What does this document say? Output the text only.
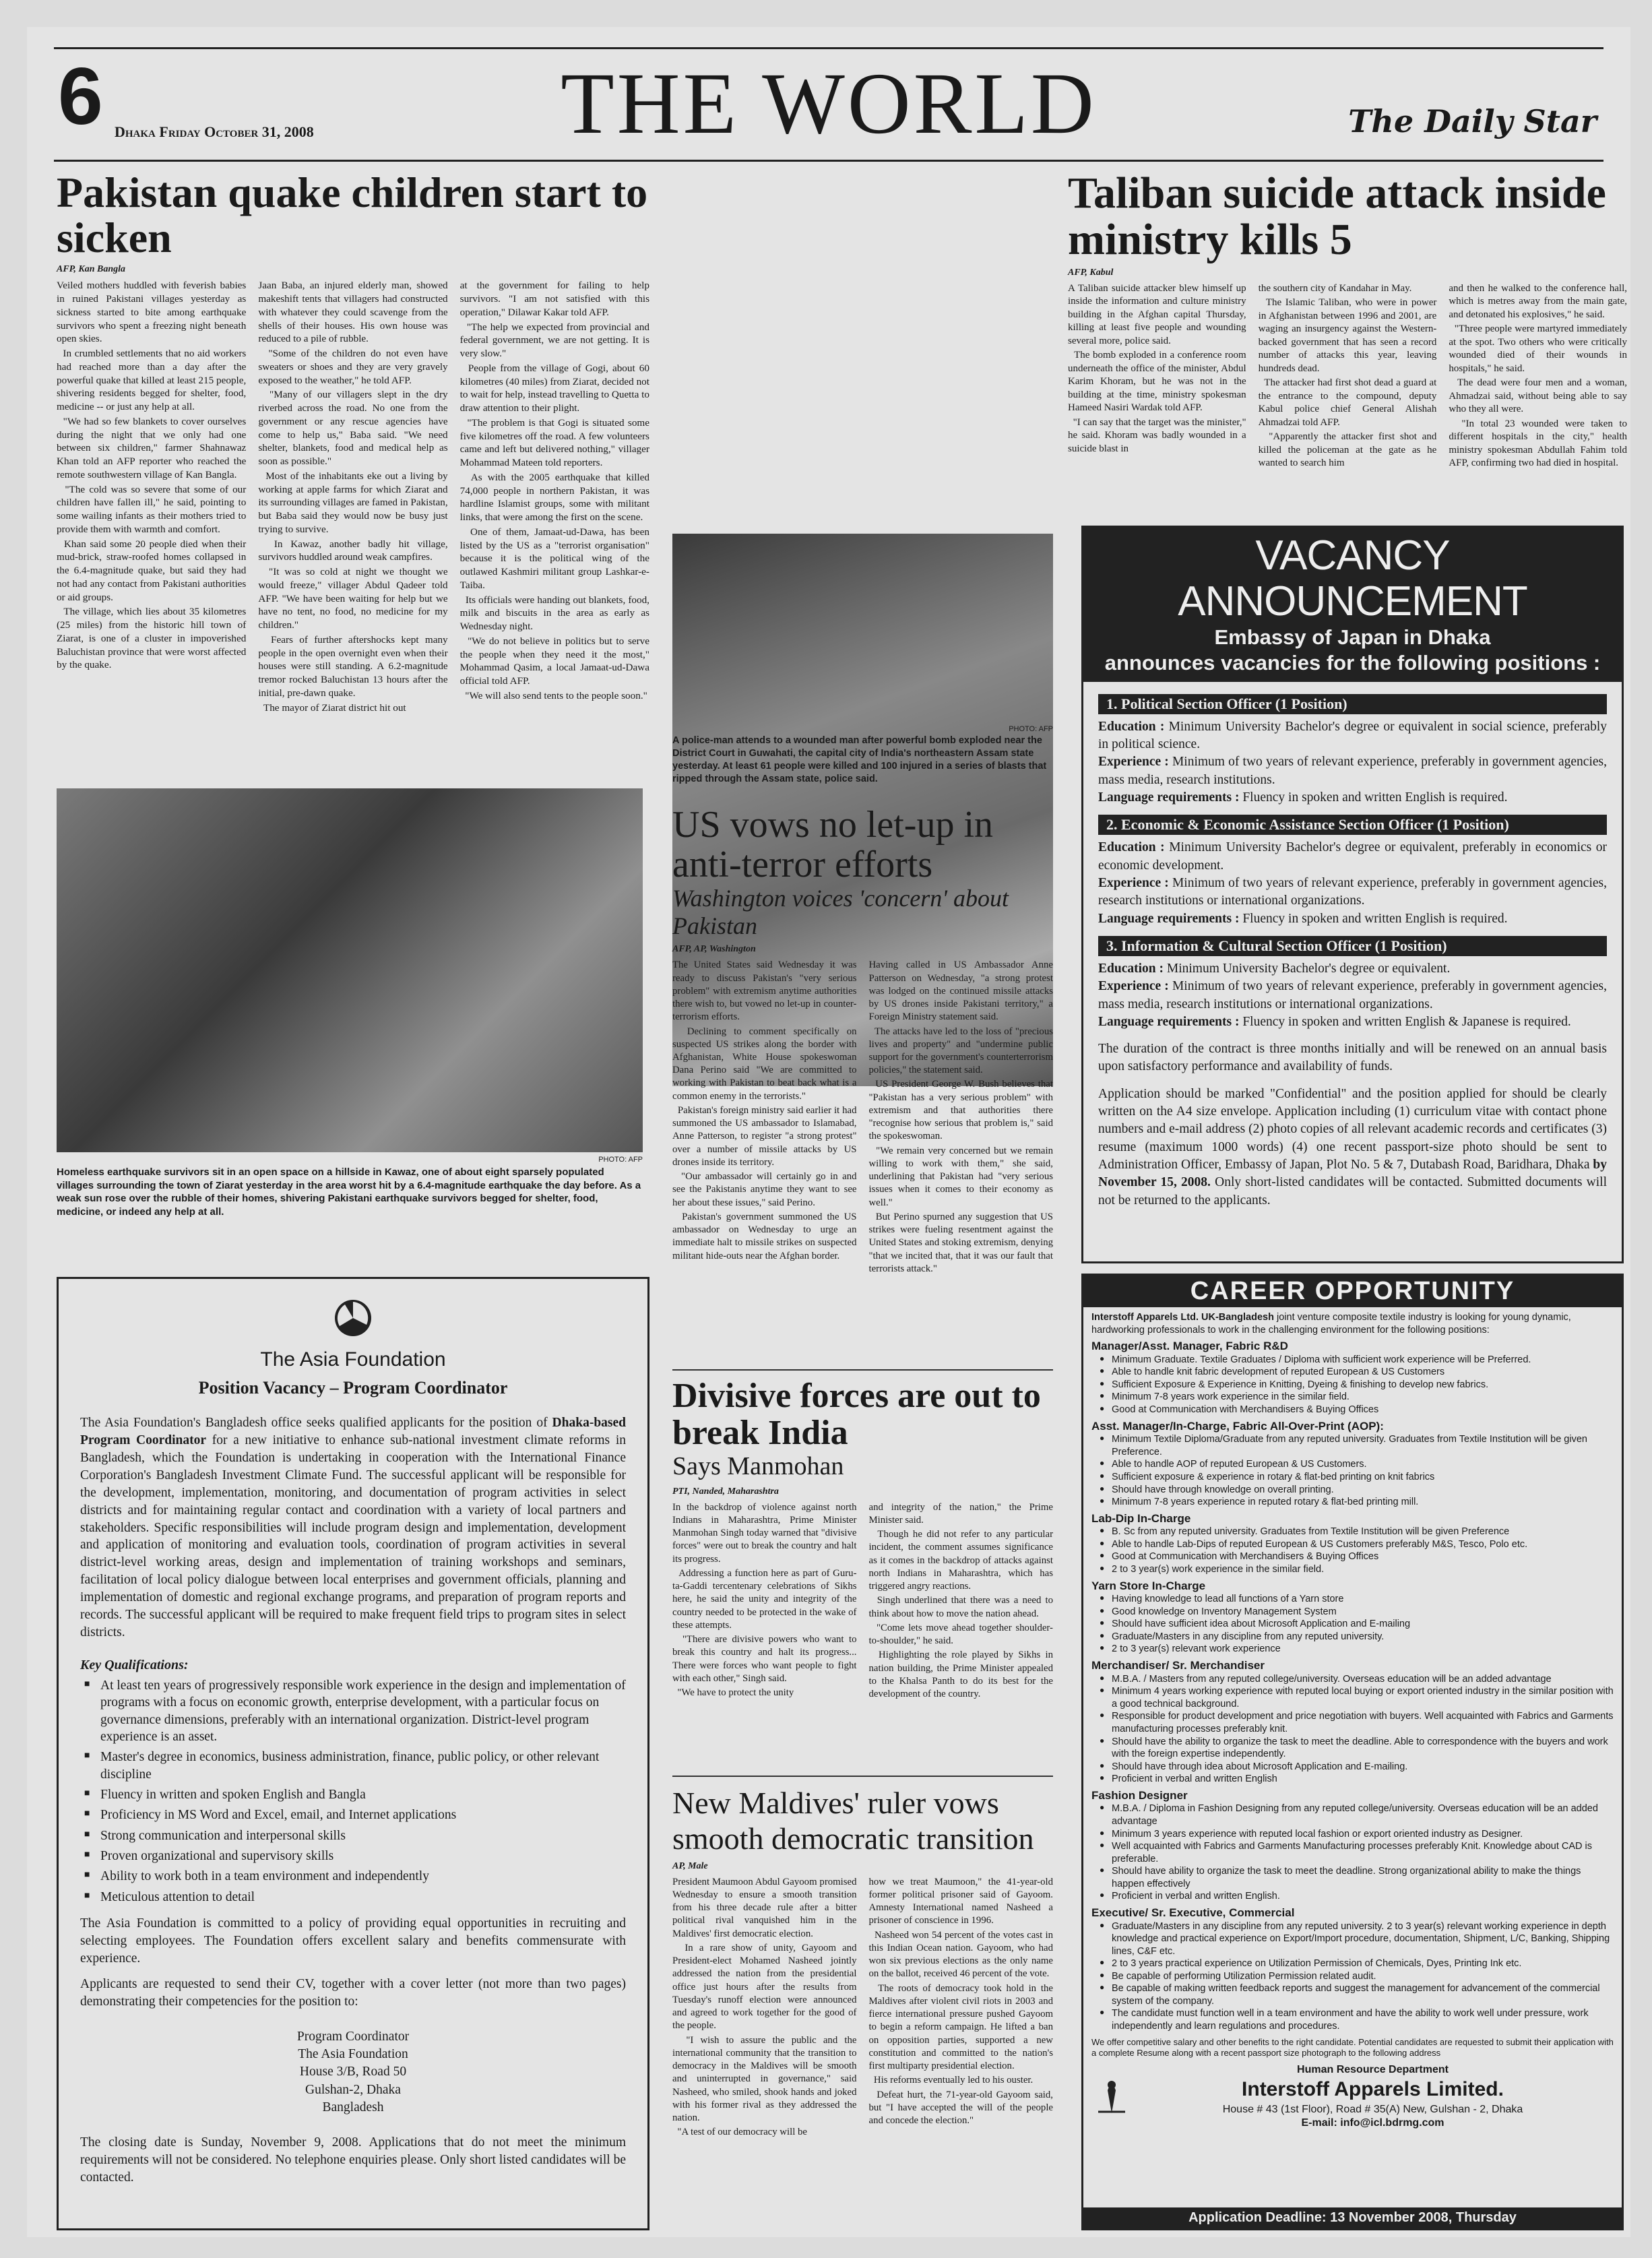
6 Dhaka Friday October 31, 2008	THE WORLD	The Daily Star
Pakistan quake children start to sicken
AFP, Kan Bangla

Veiled mothers huddled with feverish babies in ruined Pakistani villages yesterday as sickness started to bite among earthquake survivors who spent a freezing night beneath open skies.

In crumbled settlements that no aid workers had reached more than a day after the powerful quake that killed at least 215 people, shivering residents begged for shelter, food, medicine -- or just any help at all.

"We had so few blankets to cover ourselves during the night that we only had one between six children," farmer Shahnawaz Khan told an AFP reporter who reached the remote southwestern village of Kan Bangla.

"The cold was so severe that some of our children have fallen ill," he said, pointing to some wailing infants as their mothers tried to provide them with warmth and comfort.

Khan said some 20 people died when their mud-brick, straw-roofed homes collapsed in the 6.4-magnitude quake, but said they had not had any contact from Pakistani authorities or aid groups.

The village, which lies about 35 kilometres (25 miles) from the historic hill town of Ziarat, is one of a cluster in impoverished Baluchistan province that were worst affected by the quake.

Jaan Baba, an injured elderly man, showed makeshift tents that villagers had constructed with whatever they could scavenge from the shells of their houses. His own house was reduced to a pile of rubble.

"Some of the children do not even have sweaters or shoes and they are very gravely exposed to the weather," he told AFP.

"Many of our villagers slept in the dry riverbed across the road. No one from the government or any rescue agencies have come to help us," Baba said. "We need shelter, blankets, food and medical help as soon as possible."

Most of the inhabitants eke out a living by working at apple farms for which Ziarat and its surrounding villages are famed in Pakistan, but Baba said they would now be busy just trying to survive.

In Kawaz, another badly hit village, survivors huddled around weak campfires.

"It was so cold at night we thought we would freeze," villager Abdul Qadeer told AFP. "We have been waiting for help but we have no tent, no food, no medicine for my children."

Fears of further aftershocks kept many people in the open overnight even when their houses were still standing. A 6.2-magnitude tremor rocked Baluchistan 13 hours after the initial, pre-dawn quake.

The mayor of Ziarat district hit out

at the government for failing to help survivors. "I am not satisfied with this operation," Dilawar Kakar told AFP.

"The help we expected from provincial and federal government, we are not getting. It is very slow."

People from the village of Gogi, about 60 kilometres (40 miles) from Ziarat, decided not to wait for help, instead travelling to Quetta to draw attention to their plight.

"The problem is that Gogi is situated some five kilometres off the road. A few volunteers came and left but delivered nothing," villager Mohammad Mateen told reporters.

As with the 2005 earthquake that killed 74,000 people in northern Pakistan, it was hardline Islamist groups, some with militant links, that were among the first on the scene.

One of them, Jamaat-ud-Dawa, has been listed by the US as a "terrorist organisation" because it is the political wing of the outlawed Kashmiri militant group Lashkar-e-Taiba.

Its officials were handing out blankets, food, milk and biscuits in the area as early as Wednesday night.

"We do not believe in politics but to serve the people when they need it the most," Mohammad Qasim, a local Jamaat-ud-Dawa official told AFP.

"We will also send tents to the people soon."

PHOTO: AFP
Homeless earthquake survivors sit in an open space on a hillside in Kawaz, one of about eight sparsely populated villages surrounding the town of Ziarat yesterday in the area worst hit by a 6.4-magnitude earthquake the day before. As a weak sun rose over the rubble of their homes, shivering Pakistani earthquake survivors begged for shelter, food, medicine, or indeed any help at all.
The Asia Foundation
Position Vacancy – Program Coordinator
The Asia Foundation's Bangladesh office seeks qualified applicants for the position of Dhaka-based Program Coordinator for a new initiative to enhance sub-national investment climate reforms in Bangladesh, which the Foundation is undertaking in cooperation with the International Finance Corporation's Bangladesh Investment Climate Fund. The successful applicant will be responsible for the development, implementation, monitoring, and documentation of program activities in select districts and for maintaining regular contact and coordination with a variety of local partners and stakeholders. Specific responsibilities will include program design and implementation, development and application of monitoring and evaluation tools, coordination of program activities in several district-level working areas, design and implementation of training workshops and seminars, facilitation of local policy dialogue between local enterprises and government officials, planning and implementation of domestic and regional exchange programs, and preparation of program reports and records. The successful applicant will be required to make frequent field trips to program sites in select districts.
Key Qualifications:
■ At least ten years of progressively responsible work experience in the design and implementation of programs with a focus on economic growth, enterprise development, with a particular focus on governance dimensions, preferably with an international organization. District-level program experience is an asset.
■ Master's degree in economics, business administration, finance, public policy, or other relevant discipline
■ Fluency in written and spoken English and Bangla
■ Proficiency in MS Word and Excel, email, and Internet applications
■ Strong communication and interpersonal skills
■ Proven organizational and supervisory skills
■ Ability to work both in a team environment and independently
■ Meticulous attention to detail
The Asia Foundation is committed to a policy of providing equal opportunities in recruiting and selecting employees. The Foundation offers excellent salary and benefits commensurate with experience.
Applicants are requested to send their CV, together with a cover letter (not more than two pages) demonstrating their competencies for the position to:
Program Coordinator
The Asia Foundation
House 3/B, Road 50
Gulshan-2, Dhaka
Bangladesh
The closing date is Sunday, November 9, 2008. Applications that do not meet the minimum requirements will not be considered. No telephone enquiries please. Only short listed candidates will be contacted.
PHOTO: AFP
A police-man attends to a wounded man after powerful bomb exploded near the District Court in Guwahati, the capital city of India's northeastern Assam state yesterday. At least 61 people were killed and 100 injured in a series of blasts that ripped through the Assam state, police said.
US vows no let-up in anti-terror efforts
Washington voices 'concern' about Pakistan
AFP, AP, Washington

The United States said Wednesday it was ready to discuss Pakistan's "very serious problem" with extremism anytime authorities there wish to, but vowed no let-up in counter-terrorism efforts.

Declining to comment specifically on suspected US strikes along the border with Afghanistan, White House spokeswoman Dana Perino said "We are committed to working with Pakistan to beat back what is a common enemy in the terrorists."

Pakistan's foreign ministry said earlier it had summoned the US ambassador to Islamabad, Anne Patterson, to register "a strong protest" over a number of missile attacks by US drones inside its territory.

"Our ambassador will certainly go in and see the Pakistanis anytime they want to see her about these issues," said Perino.

Pakistan's government summoned the US ambassador on Wednesday to urge an immediate halt to missile strikes on suspected militant hide-outs near the Afghan border.

Having called in US Ambassador Anne Patterson on Wednesday, "a strong protest was lodged on the continued missile attacks by US drones inside Pakistani territory," a Foreign Ministry statement said.

The attacks have led to the loss of "precious lives and property" and "undermine public support for the government's counterterrorism policies," the statement said.

US President George W. Bush believes that "Pakistan has a very serious problem" with extremism and that authorities there "recognise how serious that problem is," said the spokeswoman.

"We remain very concerned but we remain willing to work with them," she said, underlining that Pakistan had "very serious issues when it comes to their economy as well."

But Perino spurned any suggestion that US strikes were fueling resentment against the United States and stoking extremism, denying "that we incited that, that it was our fault that terrorists attack."

Divisive forces are out to break India
Says Manmohan
PTI, Nanded, Maharashtra

In the backdrop of violence against north Indians in Maharashtra, Prime Minister Manmohan Singh today warned that "divisive forces" were out to break the country and halt its progress.

Addressing a function here as part of Guru-ta-Gaddi tercentenary celebrations of Sikhs here, he said the unity and integrity of the country needed to be protected in the wake of these attempts.

"There are divisive powers who want to break this country and halt its progress... There were forces who want people to fight with each other," Singh said.

"We have to protect the unity

and integrity of the nation," the Prime Minister said.

Though he did not refer to any particular incident, the comment assumes significance as it comes in the backdrop of attacks against north Indians in Maharashtra, which has triggered angry reactions.

Singh underlined that there was a need to think about how to move the nation ahead.

"Come lets move ahead together shoulder-to-shoulder," he said.

Highlighting the role played by Sikhs in nation building, the Prime Minister appealed to the Khalsa Panth to do its best for the development of the country.

New Maldives' ruler vows smooth democratic transition
AP, Male

President Maumoon Abdul Gayoom promised Wednesday to ensure a smooth transition from his three decade rule after a bitter political rival vanquished him in the Maldives' first democratic election.

In a rare show of unity, Gayoom and President-elect Mohamed Nasheed jointly addressed the nation from the presidential office just hours after the results from Tuesday's runoff election were announced and agreed to work together for the good of the people.

"I wish to assure the public and the international community that the transition to democracy in the Maldives will be smooth and uninterrupted in governance," said Nasheed, who smiled, shook hands and joked with his former rival as they addressed the nation.

"A test of our democracy will be

how we treat Maumoon," the 41-year-old former political prisoner said of Gayoom. Amnesty International named Nasheed a prisoner of conscience in 1996.

Nasheed won 54 percent of the votes cast in this Indian Ocean nation. Gayoom, who had won six previous elections as the only name on the ballot, received 46 percent of the vote.

The roots of democracy took hold in the Maldives after violent civil riots in 2003 and fierce international pressure pushed Gayoom to begin a reform campaign. He lifted a ban on opposition parties, supported a new constitution and committed to the nation's first multiparty presidential election.

His reforms eventually led to his ouster.

Defeat hurt, the 71-year-old Gayoom said, but "I have accepted the will of the people and concede the election."

Taliban suicide attack inside ministry kills 5
AFP, Kabul

A Taliban suicide attacker blew himself up inside the information and culture ministry building in the Afghan capital Thursday, killing at least five people and wounding several more, police said.

The bomb exploded in a conference room underneath the office of the minister, Abdul Karim Khoram, but he was not in the building at the time, ministry spokesman Hameed Nasiri Wardak told AFP.

"I can say that the target was the minister," he said. Khoram was badly wounded in a suicide blast in

the southern city of Kandahar in May.

The Islamic Taliban, who were in power in Afghanistan between 1996 and 2001, are waging an insurgency against the Western-backed government that has seen a record number of attacks this year, leaving hundreds dead.

The attacker had first shot dead a guard at the entrance to the compound, deputy Kabul police chief General Alishah Ahmadzai told AFP.

"Apparently the attacker first shot and killed the policeman at the gate as he wanted to search him

and then he walked to the conference hall, which is metres away from the main gate, and detonated his explosives," he said.

"Three people were martyred immediately at the spot. Two others who were critically wounded died of their wounds in hospitals," he said.

The dead were four men and a woman, Ahmadzai said, without being able to say who they all were.

"In total 23 wounded were taken to different hospitals in the city," health ministry spokesman Abdullah Fahim told AFP, confirming two had died in hospital.

VACANCY ANNOUNCEMENT
Embassy of Japan in Dhaka
announces vacancies for the following positions :
1. Political Section Officer (1 Position)
Education : Minimum University Bachelor's degree or equivalent in social science, preferably in political science.
Experience : Minimum of two years of relevant experience, preferably in government agencies, mass media, research institutions.
Language requirements : Fluency in spoken and written English is required.
2. Economic & Economic Assistance Section Officer (1 Position)
Education : Minimum University Bachelor's degree or equivalent, preferably in economics or economic development.
Experience : Minimum of two years of relevant experience, preferably in government agencies, research institutions or international organizations.
Language requirements : Fluency in spoken and written English is required.
3. Information & Cultural Section Officer (1 Position)
Education : Minimum University Bachelor's degree or equivalent.
Experience : Minimum of two years of relevant experience, preferably in government agencies, mass media, research institutions or international organizations.
Language requirements : Fluency in spoken and written English & Japanese is required.
The duration of the contract is three months initially and will be renewed on an annual basis upon satisfactory performance and availability of funds.
Application should be marked "Confidential" and the position applied for should be clearly written on the A4 size envelope. Application including (1) curriculum vitae with contact phone numbers and e-mail address (2) photo copies of all relevant academic records and certificates (3) resume (maximum 1000 words) (4) one recent passport-size photo should be sent to Administration Officer, Embassy of Japan, Plot No. 5 & 7, Dutabash Road, Baridhara, Dhaka by November 15, 2008. Only short-listed candidates will be contacted. Submitted documents will not be returned to the applicants.
CAREER OPPORTUNITY
Interstoff Apparels Ltd. UK-Bangladesh joint venture composite textile industry is looking for young dynamic, hardworking professionals to work in the challenging environment for the following positions:
Manager/Asst. Manager, Fabric R&D
● Minimum Graduate. Textile Graduates / Diploma with sufficient work experience will be Preferred.
● Able to handle knit fabric development of reputed European & US Customers
● Sufficient Exposure & Experience in Knitting, Dyeing & finishing to develop new fabrics.
● Minimum 7-8 years work experience in the similar field.
● Good at Communication with Merchandisers & Buying Offices
Asst. Manager/In-Charge, Fabric All-Over-Print (AOP):
● Minimum Textile Diploma/Graduate from any reputed university. Graduates from Textile Institution will be given Preference.
● Able to handle AOP of reputed European & US Customers.
● Sufficient exposure & experience in rotary & flat-bed printing on knit fabrics
● Should have through knowledge on overall printing.
● Minimum 7-8 years experience in reputed rotary & flat-bed printing mill.
Lab-Dip In-Charge
● B. Sc from any reputed university. Graduates from Textile Institution will be given Preference
● Able to handle Lab-Dips of reputed European & US Customers preferably M&S, Tesco, Polo etc.
● Good at Communication with Merchandisers & Buying Offices
● 2 to 3 year(s) work experience in the similar field.
Yarn Store In-Charge
● Having knowledge to lead all functions of a Yarn store
● Good knowledge on Inventory Management System
● Should have sufficient idea about Microsoft Application and E-mailing
● Graduate/Masters in any discipline from any reputed university.
● 2 to 3 year(s) relevant work experience
Merchandiser/ Sr. Merchandiser
● M.B.A. / Masters from any reputed college/university. Overseas education will be an added advantage
● Minimum 4 years working experience with reputed local buying or export oriented industry in the similar position with a good technical background.
● Responsible for product development and price negotiation with buyers. Well acquainted with Fabrics and Garments manufacturing processes preferably knit.
● Should have the ability to organize the task to meet the deadline. Able to correspondence with the buyers and work with the foreign expertise independently.
● Should have through idea about Microsoft Application and E-mailing.
● Proficient in verbal and written English
Fashion Designer
● M.B.A. / Diploma in Fashion Designing from any reputed college/university. Overseas education will be an added advantage
● Minimum 3 years experience with reputed local fashion or export oriented industry as Designer.
● Well acquainted with Fabrics and Garments Manufacturing processes preferably Knit. Knowledge about CAD is preferable.
● Should have ability to organize the task to meet the deadline. Strong organizational ability to make the things happen effectively
● Proficient in verbal and written English.
Executive/ Sr. Executive, Commercial
● Graduate/Masters in any discipline from any reputed university. 2 to 3 year(s) relevant working experience in depth knowledge and practical experience on Export/Import procedure, documentation, Shipment, L/C, Banking, Shipping lines, C&F etc.
● 2 to 3 years practical experience on Utilization Permission of Chemicals, Dyes, Printing Ink etc.
● Be capable of performing Utilization Permission related audit.
● Be capable of making written feedback reports and suggest the management for advancement of the commercial system of the company.
● The candidate must function well in a team environment and have the ability to work well under pressure, work independently and learn regulations and procedures.
We offer competitive salary and other benefits to the right candidate. Potential candidates are requested to submit their application with a complete Resume along with a recent passport size photograph to the following address
Human Resource Department
Interstoff Apparels Limited.
House # 43 (1st Floor), Road # 35(A) New, Gulshan - 2, Dhaka
E-mail: info@icl.bdrmg.com
Application Deadline: 13 November 2008, Thursday
